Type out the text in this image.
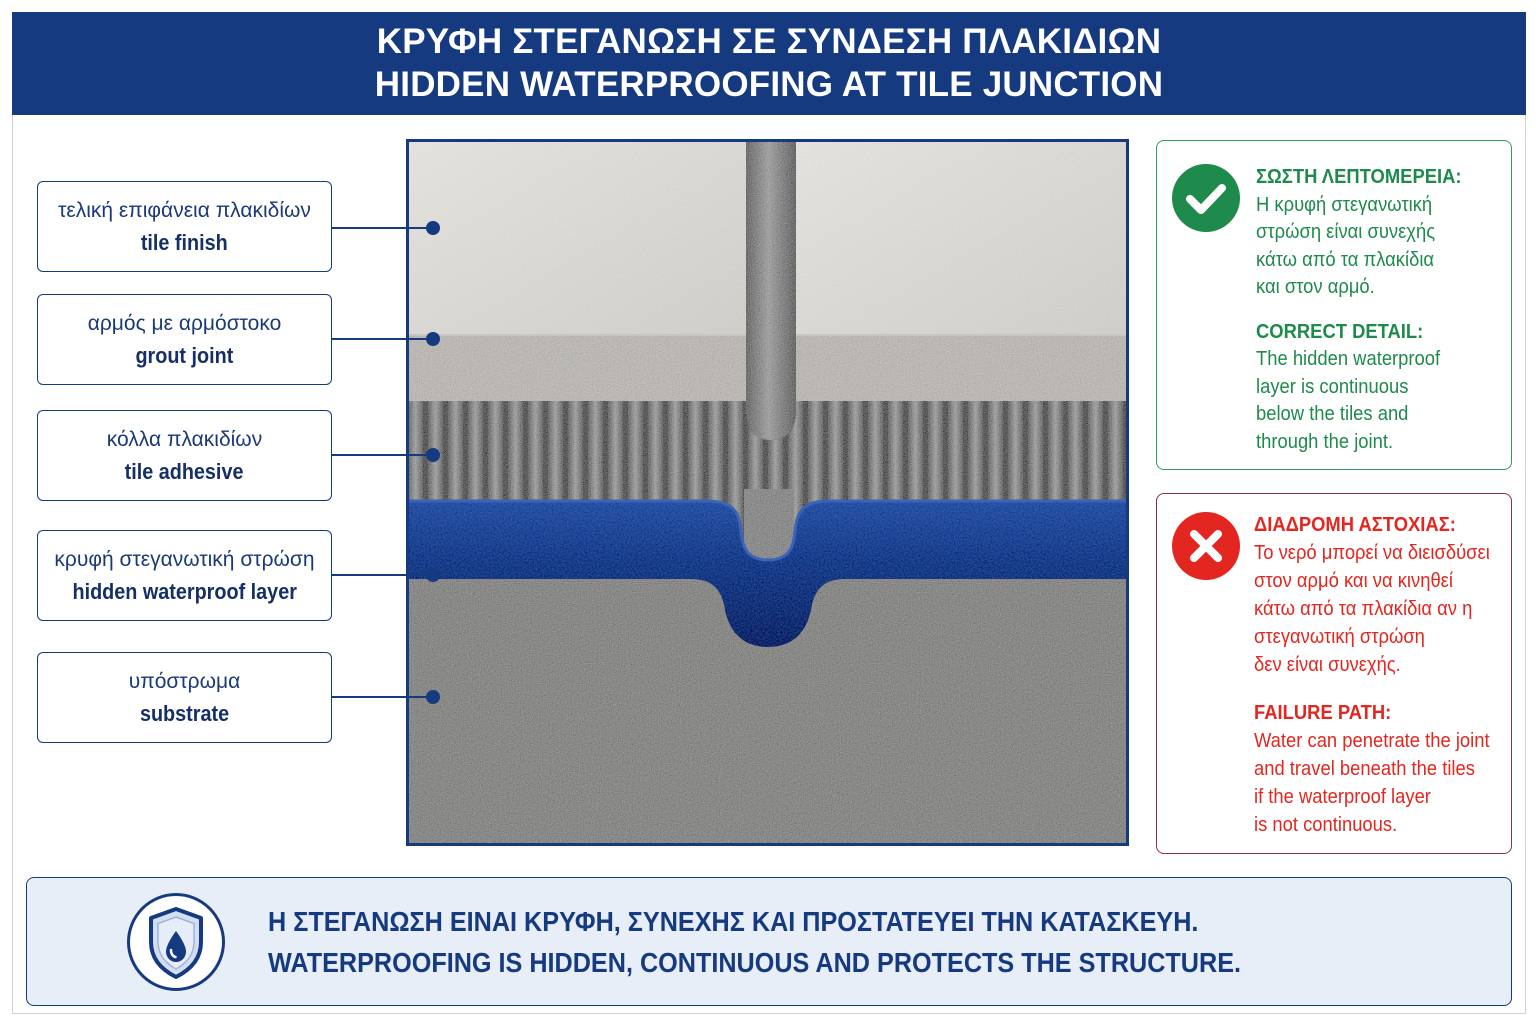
ΚΡΥΦΗ ΣΤΕΓΑΝΩΣΗ ΣΕ ΣΥΝΔΕΣΗ ΠΛΑΚΙΔΙΩΝ
HIDDEN WATERPROOFING AT TILE JUNCTION
τελική επιφάνεια πλακιδίων
tile finish
αρμός με αρμόστοκο
grout joint
κόλλα πλακιδίων
tile adhesive
κρυφή στεγανωτική στρώση
hidden waterproof layer
υπόστρωμα
substrate
ΣΩΣΤΗ ΛΕΠΤΟΜΕΡΕΙΑ:
Η κρυφή στεγανωτική
στρώση είναι συνεχής
κάτω από τα πλακίδια
και στον αρμό.
CORRECT DETAIL:
The hidden waterproof
layer is continuous
below the tiles and
through the joint.
ΔΙΑΔΡΟΜΗ ΑΣΤΟΧΙΑΣ:
Το νερό μπορεί να διεισδύσει
στον αρμό και να κινηθεί
κάτω από τα πλακίδια αν η
στεγανωτική στρώση
δεν είναι συνεχής.
FAILURE PATH:
Water can penetrate the joint
and travel beneath the tiles
if the waterproof layer
is not continuous.
Η ΣΤΕΓΑΝΩΣΗ ΕΙΝΑΙ ΚΡΥΦΗ, ΣΥΝΕΧΗΣ ΚΑΙ ΠΡΟΣΤΑΤΕΥΕΙ ΤΗΝ ΚΑΤΑΣΚΕΥΗ.
WATERPROOFING IS HIDDEN, CONTINUOUS AND PROTECTS THE STRUCTURE.
